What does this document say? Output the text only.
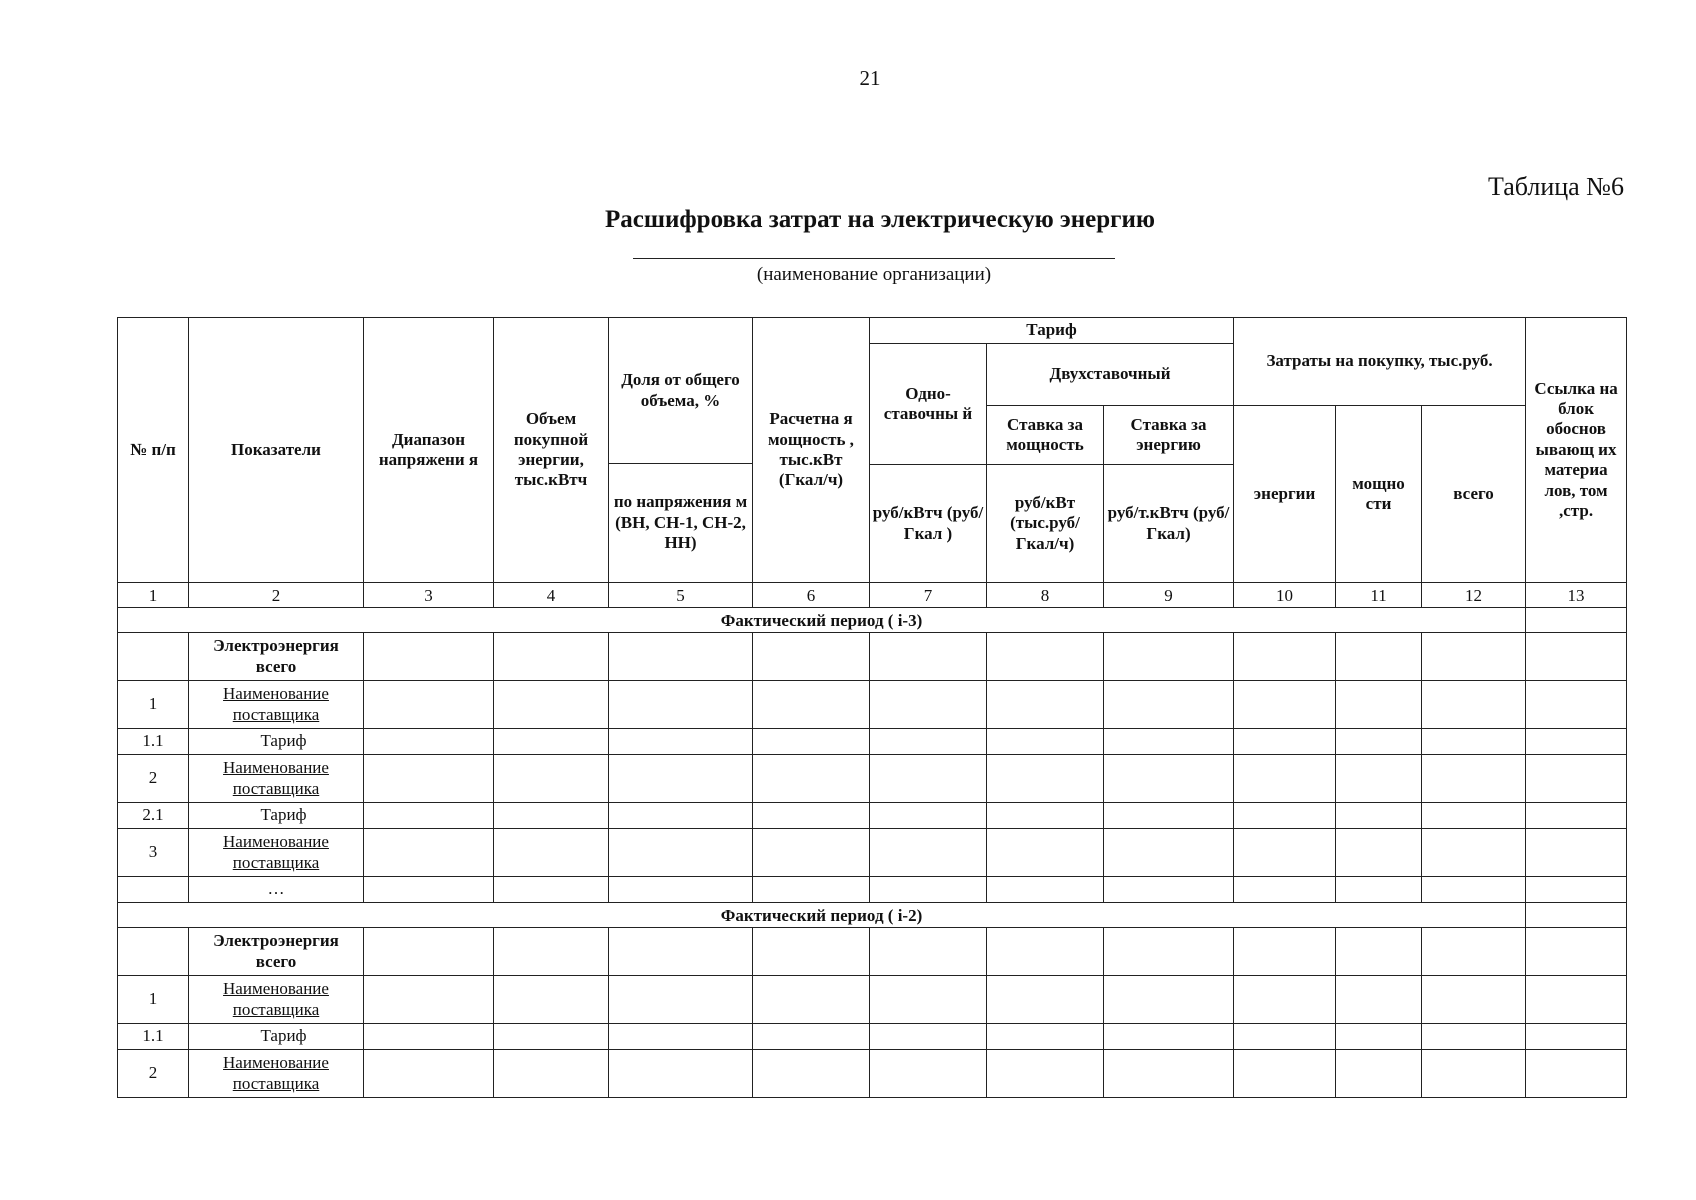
21
Таблица №6
Расшифровка затрат на электрическую энергию
(наименование организации)
№ п/п	Показатели	Диапазон напряжени я	Объем покупной энергии, тыс.кВтч	Доля от общего объема, %	Расчетна я мощность , тыс.кВт (Гкал/ч)	Тариф			Затраты на покупку, тыс.руб.			Ссылка на блок обоснов ывающ их материа лов, том ,стр.
						Одно- ставочны й	Двухставочный					
							Ставка за мощность	Ставка за энергию	энергии	мощно сти	всего	
				по напряжения м (ВН, СН-1, СН-2, НН)								
						руб/кВтч (руб/Гкал )	руб/кВт (тыс.руб/ Гкал/ч)	руб/т.кВтч (руб/Гкал)				
1	2	3	4	5	6	7	8	9	10	11	12	13
Фактический период ( i-3)												
	Электроэнергия всего											
1	Наименование поставщика											
1.1	Тариф											
2	Наименование поставщика											
2.1	Тариф											
3	Наименование поставщика											
	…											
Фактический период ( i-2)												
	Электроэнергия всего											
1	Наименование поставщика											
1.1	Тариф											
2	Наименование поставщика											
